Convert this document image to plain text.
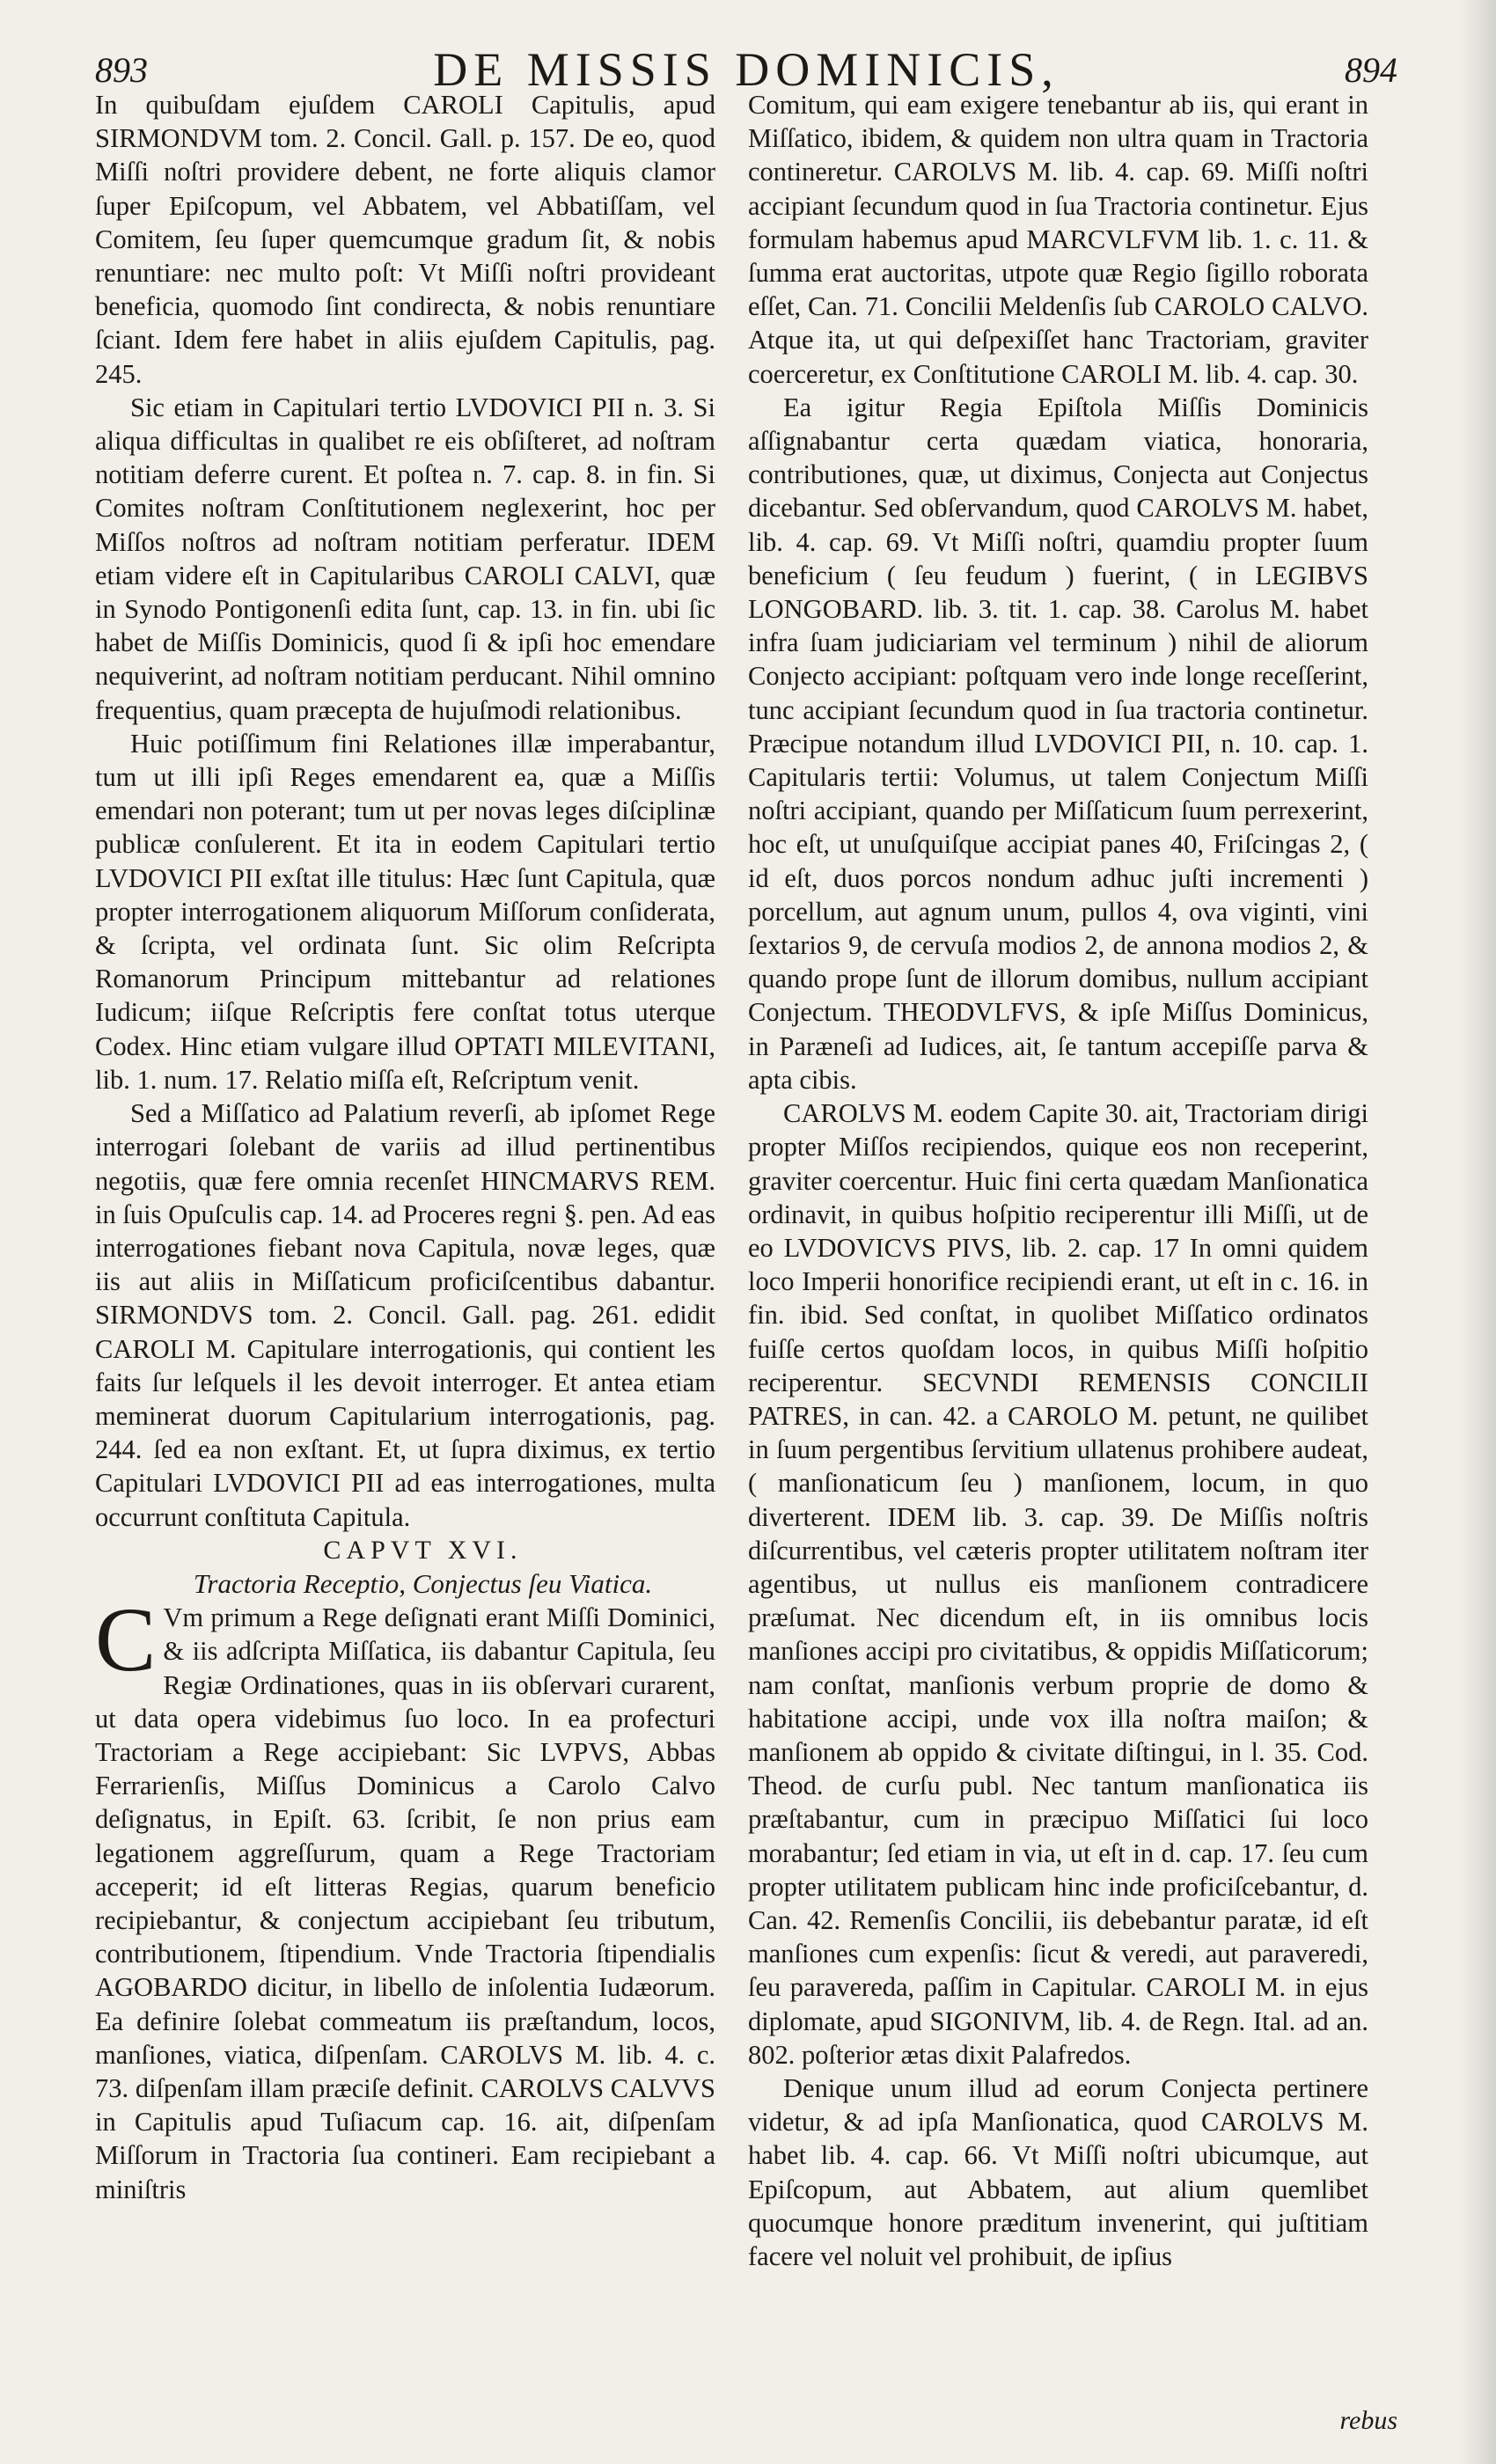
893	DE MISSIS DOMINICIS,	894

In quibuſdam ejuſdem CAROLI Capitulis, apud SIRMONDVM tom. 2. Concil. Gall. p. 157. De eo, quod Miſſi noſtri providere debent, ne forte aliquis clamor ſuper Epiſcopum, vel Abbatem, vel Abbatiſſam, vel Comitem, ſeu ſuper quemcumque gradum ſit, & nobis renuntiare: nec multo poſt: Vt Miſſi noſtri provideant beneficia, quomodo ſint condirecta, & nobis renuntiare ſciant. Idem fere habet in aliis ejuſdem Capitulis, pag. 245.

Sic etiam in Capitulari tertio LVDOVICI PII n. 3. Si aliqua difficultas in qualibet re eis obſiſteret, ad noſtram notitiam deferre curent. Et poſtea n. 7. cap. 8. in fin. Si Comites noſtram Conſtitutionem neglexerint, hoc per Miſſos noſtros ad noſtram notitiam perferatur. IDEM etiam videre eſt in Capitularibus CAROLI CALVI, quæ in Synodo Pontigonenſi edita ſunt, cap. 13. in fin. ubi ſic habet de Miſſis Dominicis, quod ſi & ipſi hoc emendare nequiverint, ad noſtram notitiam perducant. Nihil omnino frequentius, quam præcepta de hujuſmodi relationibus.

Huic potiſſimum fini Relationes illæ imperabantur, tum ut illi ipſi Reges emendarent ea, quæ a Miſſis emendari non poterant; tum ut per novas leges diſciplinæ publicæ conſulerent. Et ita in eodem Capitulari tertio LVDOVICI PII exſtat ille titulus: Hæc ſunt Capitula, quæ propter interrogationem aliquorum Miſſorum conſiderata, & ſcripta, vel ordinata ſunt. Sic olim Reſcripta Romanorum Principum mittebantur ad relationes Iudicum; iiſque Reſcriptis fere conſtat totus uterque Codex. Hinc etiam vulgare illud OPTATI MILEVITANI, lib. 1. num. 17. Relatio miſſa eſt, Reſcriptum venit.

Sed a Miſſatico ad Palatium reverſi, ab ipſomet Rege interrogari ſolebant de variis ad illud pertinentibus negotiis, quæ fere omnia recenſet HINCMARVS REM. in ſuis Opuſculis cap. 14. ad Proceres regni §. pen. Ad eas interrogationes fiebant nova Capitula, novæ leges, quæ iis aut aliis in Miſſaticum proficiſcentibus dabantur. SIRMONDVS tom. 2. Concil. Gall. pag. 261. edidit CAROLI M. Capitulare interrogationis, qui contient les faits ſur leſquels il les devoit interroger. Et antea etiam meminerat duorum Capitularium interrogationis, pag. 244. ſed ea non exſtant. Et, ut ſupra diximus, ex tertio Capitulari LVDOVICI PII ad eas interrogationes, multa occurrunt conſtituta Capitula.

CAPVT XVI.

Tractoria Receptio, Conjectus ſeu Viatica.

C Vm primum a Rege deſignati erant Miſſi Dominici, & iis adſcripta Miſſatica, iis dabantur Capitula, ſeu Regiæ Ordinationes, quas in iis obſervari curarent, ut data opera videbimus ſuo loco. In ea profecturi Tractoriam a Rege accipiebant: Sic LVPVS, Abbas Ferrarienſis, Miſſus Dominicus a Carolo Calvo deſignatus, in Epiſt. 63. ſcribit, ſe non prius eam legationem aggreſſurum, quam a Rege Tractoriam acceperit; id eſt litteras Regias, quarum beneficio recipiebantur, & conjectum accipiebant ſeu tributum, contributionem, ſtipendium. Vnde Tractoria ſtipendialis AGOBARDO dicitur, in libello de inſolentia Iudæorum. Ea definire ſolebat commeatum iis præſtandum, locos, manſiones, viatica, diſpenſam. CAROLVS M. lib. 4. c. 73. diſpenſam illam præciſe definit. CAROLVS CALVVS in Capitulis apud Tuſiacum cap. 16. ait, diſpenſam Miſſorum in Tractoria ſua contineri. Eam recipiebant a miniſtris

Comitum, qui eam exigere tenebantur ab iis, qui erant in Miſſatico, ibidem, & quidem non ultra quam in Tractoria contineretur. CAROLVS M. lib. 4. cap. 69. Miſſi noſtri accipiant ſecundum quod in ſua Tractoria continetur. Ejus formulam habemus apud MARCVLFVM lib. 1. c. 11. & ſumma erat auctoritas, utpote quæ Regio ſigillo roborata eſſet, Can. 71. Concilii Meldenſis ſub CAROLO CALVO. Atque ita, ut qui deſpexiſſet hanc Tractoriam, graviter coerceretur, ex Conſtitutione CAROLI M. lib. 4. cap. 30.

Ea igitur Regia Epiſtola Miſſis Dominicis aſſignabantur certa quædam viatica, honoraria, contributiones, quæ, ut diximus, Conjecta aut Conjectus dicebantur. Sed obſervandum, quod CAROLVS M. habet, lib. 4. cap. 69. Vt Miſſi noſtri, quamdiu propter ſuum beneficium ( ſeu feudum ) fuerint, ( in LEGIBVS LONGOBARD. lib. 3. tit. 1. cap. 38. Carolus M. habet infra ſuam judiciariam vel terminum ) nihil de aliorum Conjecto accipiant: poſtquam vero inde longe receſſerint, tunc accipiant ſecundum quod in ſua tractoria continetur. Præcipue notandum illud LVDOVICI PII, n. 10. cap. 1. Capitularis tertii: Volumus, ut talem Conjectum Miſſi noſtri accipiant, quando per Miſſaticum ſuum perrexerint, hoc eſt, ut unuſquiſque accipiat panes 40, Friſcingas 2, ( id eſt, duos porcos nondum adhuc juſti incrementi ) porcellum, aut agnum unum, pullos 4, ova viginti, vini ſextarios 9, de cervuſa modios 2, de annona modios 2, & quando prope ſunt de illorum domibus, nullum accipiant Conjectum. THEODVLFVS, & ipſe Miſſus Dominicus, in Paræneſi ad Iudices, ait, ſe tantum accepiſſe parva & apta cibis.

CAROLVS M. eodem Capite 30. ait, Tractoriam dirigi propter Miſſos recipiendos, quique eos non receperint, graviter coercentur. Huic fini certa quædam Manſionatica ordinavit, in quibus hoſpitio reciperentur illi Miſſi, ut de eo LVDOVICVS PIVS, lib. 2. cap. 17 In omni quidem loco Imperii honorifice recipiendi erant, ut eſt in c. 16. in fin. ibid. Sed conſtat, in quolibet Miſſatico ordinatos fuiſſe certos quoſdam locos, in quibus Miſſi hoſpitio reciperentur. SECVNDI REMENSIS CONCILII PATRES, in can. 42. a CAROLO M. petunt, ne quilibet in ſuum pergentibus ſervitium ullatenus prohibere audeat, ( manſionaticum ſeu ) manſionem, locum, in quo diverterent. IDEM lib. 3. cap. 39. De Miſſis noſtris diſcurrentibus, vel cæteris propter utilitatem noſtram iter agentibus, ut nullus eis manſionem contradicere præſumat. Nec dicendum eſt, in iis omnibus locis manſiones accipi pro civitatibus, & oppidis Miſſaticorum; nam conſtat, manſionis verbum proprie de domo & habitatione accipi, unde vox illa noſtra maiſon; & manſionem ab oppido & civitate diſtingui, in l. 35. Cod. Theod. de curſu publ. Nec tantum manſionatica iis præſtabantur, cum in præcipuo Miſſatici ſui loco morabantur; ſed etiam in via, ut eſt in d. cap. 17. ſeu cum propter utilitatem publicam hinc inde proficiſcebantur, d. Can. 42. Remenſis Concilii, iis debebantur paratæ, id eſt manſiones cum expenſis: ſicut & veredi, aut paraveredi, ſeu paravereda, paſſim in Capitular. CAROLI M. in ejus diplomate, apud SIGONIVM, lib. 4. de Regn. Ital. ad an. 802. poſterior ætas dixit Palafredos.

Denique unum illud ad eorum Conjecta pertinere videtur, & ad ipſa Manſionatica, quod CAROLVS M. habet lib. 4. cap. 66. Vt Miſſi noſtri ubicumque, aut Epiſcopum, aut Abbatem, aut alium quemlibet quocumque honore præditum invenerint, qui juſtitiam facere vel noluit vel prohibuit, de ipſius

rebus
